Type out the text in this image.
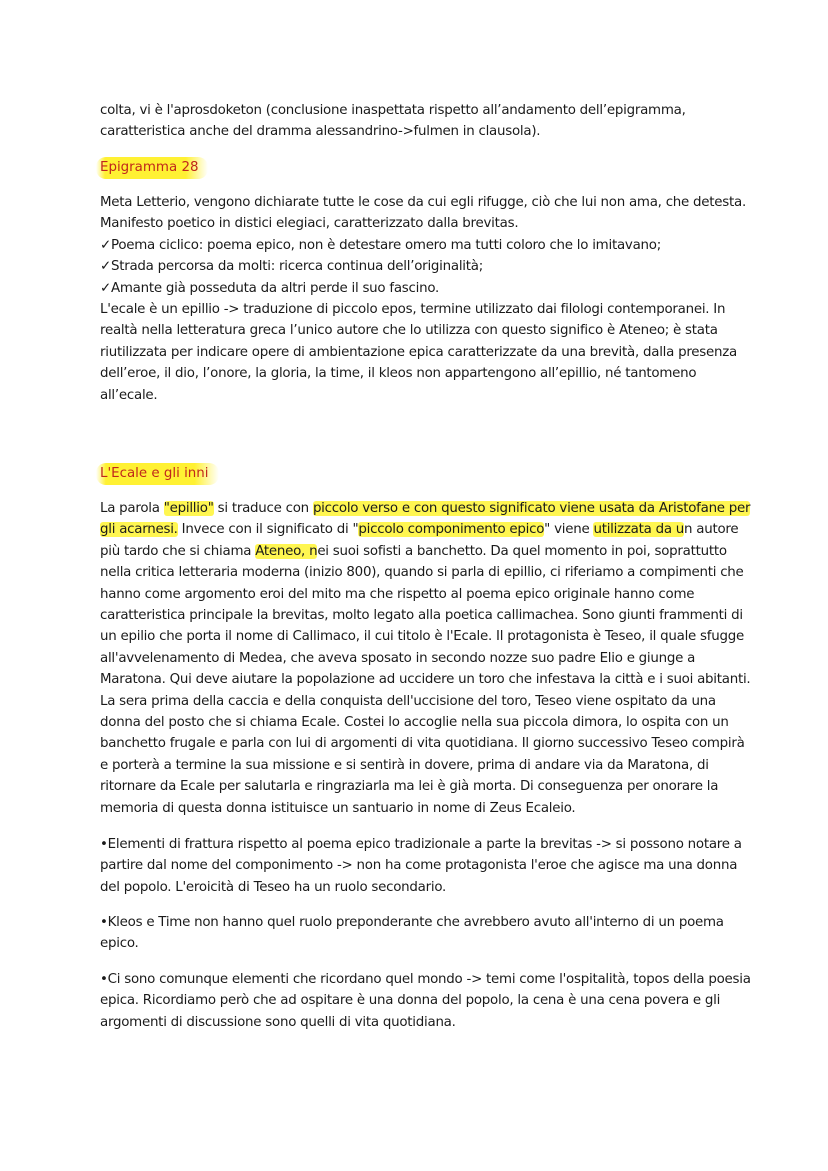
colta, vi è l'aprosdoketon (conclusione inaspettata rispetto all’andamento dell’epigramma,
caratteristica anche del dramma alessandrino->fulmen in clausola).
Epigramma 28
Meta Letterio, vengono dichiarate tutte le cose da cui egli rifugge, ciò che lui non ama, che detesta.
Manifesto poetico in distici elegiaci, caratterizzato dalla brevitas.
✓Poema ciclico: poema epico, non è detestare omero ma tutti coloro che lo imitavano;
✓Strada percorsa da molti: ricerca continua dell’originalità;
✓Amante già posseduta da altri perde il suo fascino.
L'ecale è un epillio -> traduzione di piccolo epos, termine utilizzato dai filologi contemporanei. In
realtà nella letteratura greca l’unico autore che lo utilizza con questo significo è Ateneo; è stata
riutilizzata per indicare opere di ambientazione epica caratterizzate da una brevità, dalla presenza
dell’eroe, il dio, l’onore, la gloria, la time, il kleos non appartengono all’epillio, né tantomeno
all’ecale.
L'Ecale e gli inni
La parola "epillio" si traduce con piccolo verso e con questo significato viene usata da Aristofane per
gli acarnesi. Invece con il significato di "piccolo componimento epico" viene utilizzata da un autore
più tardo che si chiama Ateneo, nei suoi sofisti a banchetto. Da quel momento in poi, soprattutto
nella critica letteraria moderna (inizio 800), quando si parla di epillio, ci riferiamo a compimenti che
hanno come argomento eroi del mito ma che rispetto al poema epico originale hanno come
caratteristica principale la brevitas, molto legato alla poetica callimachea. Sono giunti frammenti di
un epilio che porta il nome di Callimaco, il cui titolo è l'Ecale. Il protagonista è Teseo, il quale sfugge
all'avvelenamento di Medea, che aveva sposato in secondo nozze suo padre Elio e giunge a
Maratona. Qui deve aiutare la popolazione ad uccidere un toro che infestava la città e i suoi abitanti.
La sera prima della caccia e della conquista dell'uccisione del toro, Teseo viene ospitato da una
donna del posto che si chiama Ecale. Costei lo accoglie nella sua piccola dimora, lo ospita con un
banchetto frugale e parla con lui di argomenti di vita quotidiana. Il giorno successivo Teseo compirà
e porterà a termine la sua missione e si sentirà in dovere, prima di andare via da Maratona, di
ritornare da Ecale per salutarla e ringraziarla ma lei è già morta. Di conseguenza per onorare la
memoria di questa donna istituisce un santuario in nome di Zeus Ecaleio.
•Elementi di frattura rispetto al poema epico tradizionale a parte la brevitas -> si possono notare a
partire dal nome del componimento -> non ha come protagonista l'eroe che agisce ma una donna
del popolo. L'eroicità di Teseo ha un ruolo secondario.
•Kleos e Time non hanno quel ruolo preponderante che avrebbero avuto all'interno di un poema
epico.
•Ci sono comunque elementi che ricordano quel mondo -> temi come l'ospitalità, topos della poesia
epica. Ricordiamo però che ad ospitare è una donna del popolo, la cena è una cena povera e gli
argomenti di discussione sono quelli di vita quotidiana.
